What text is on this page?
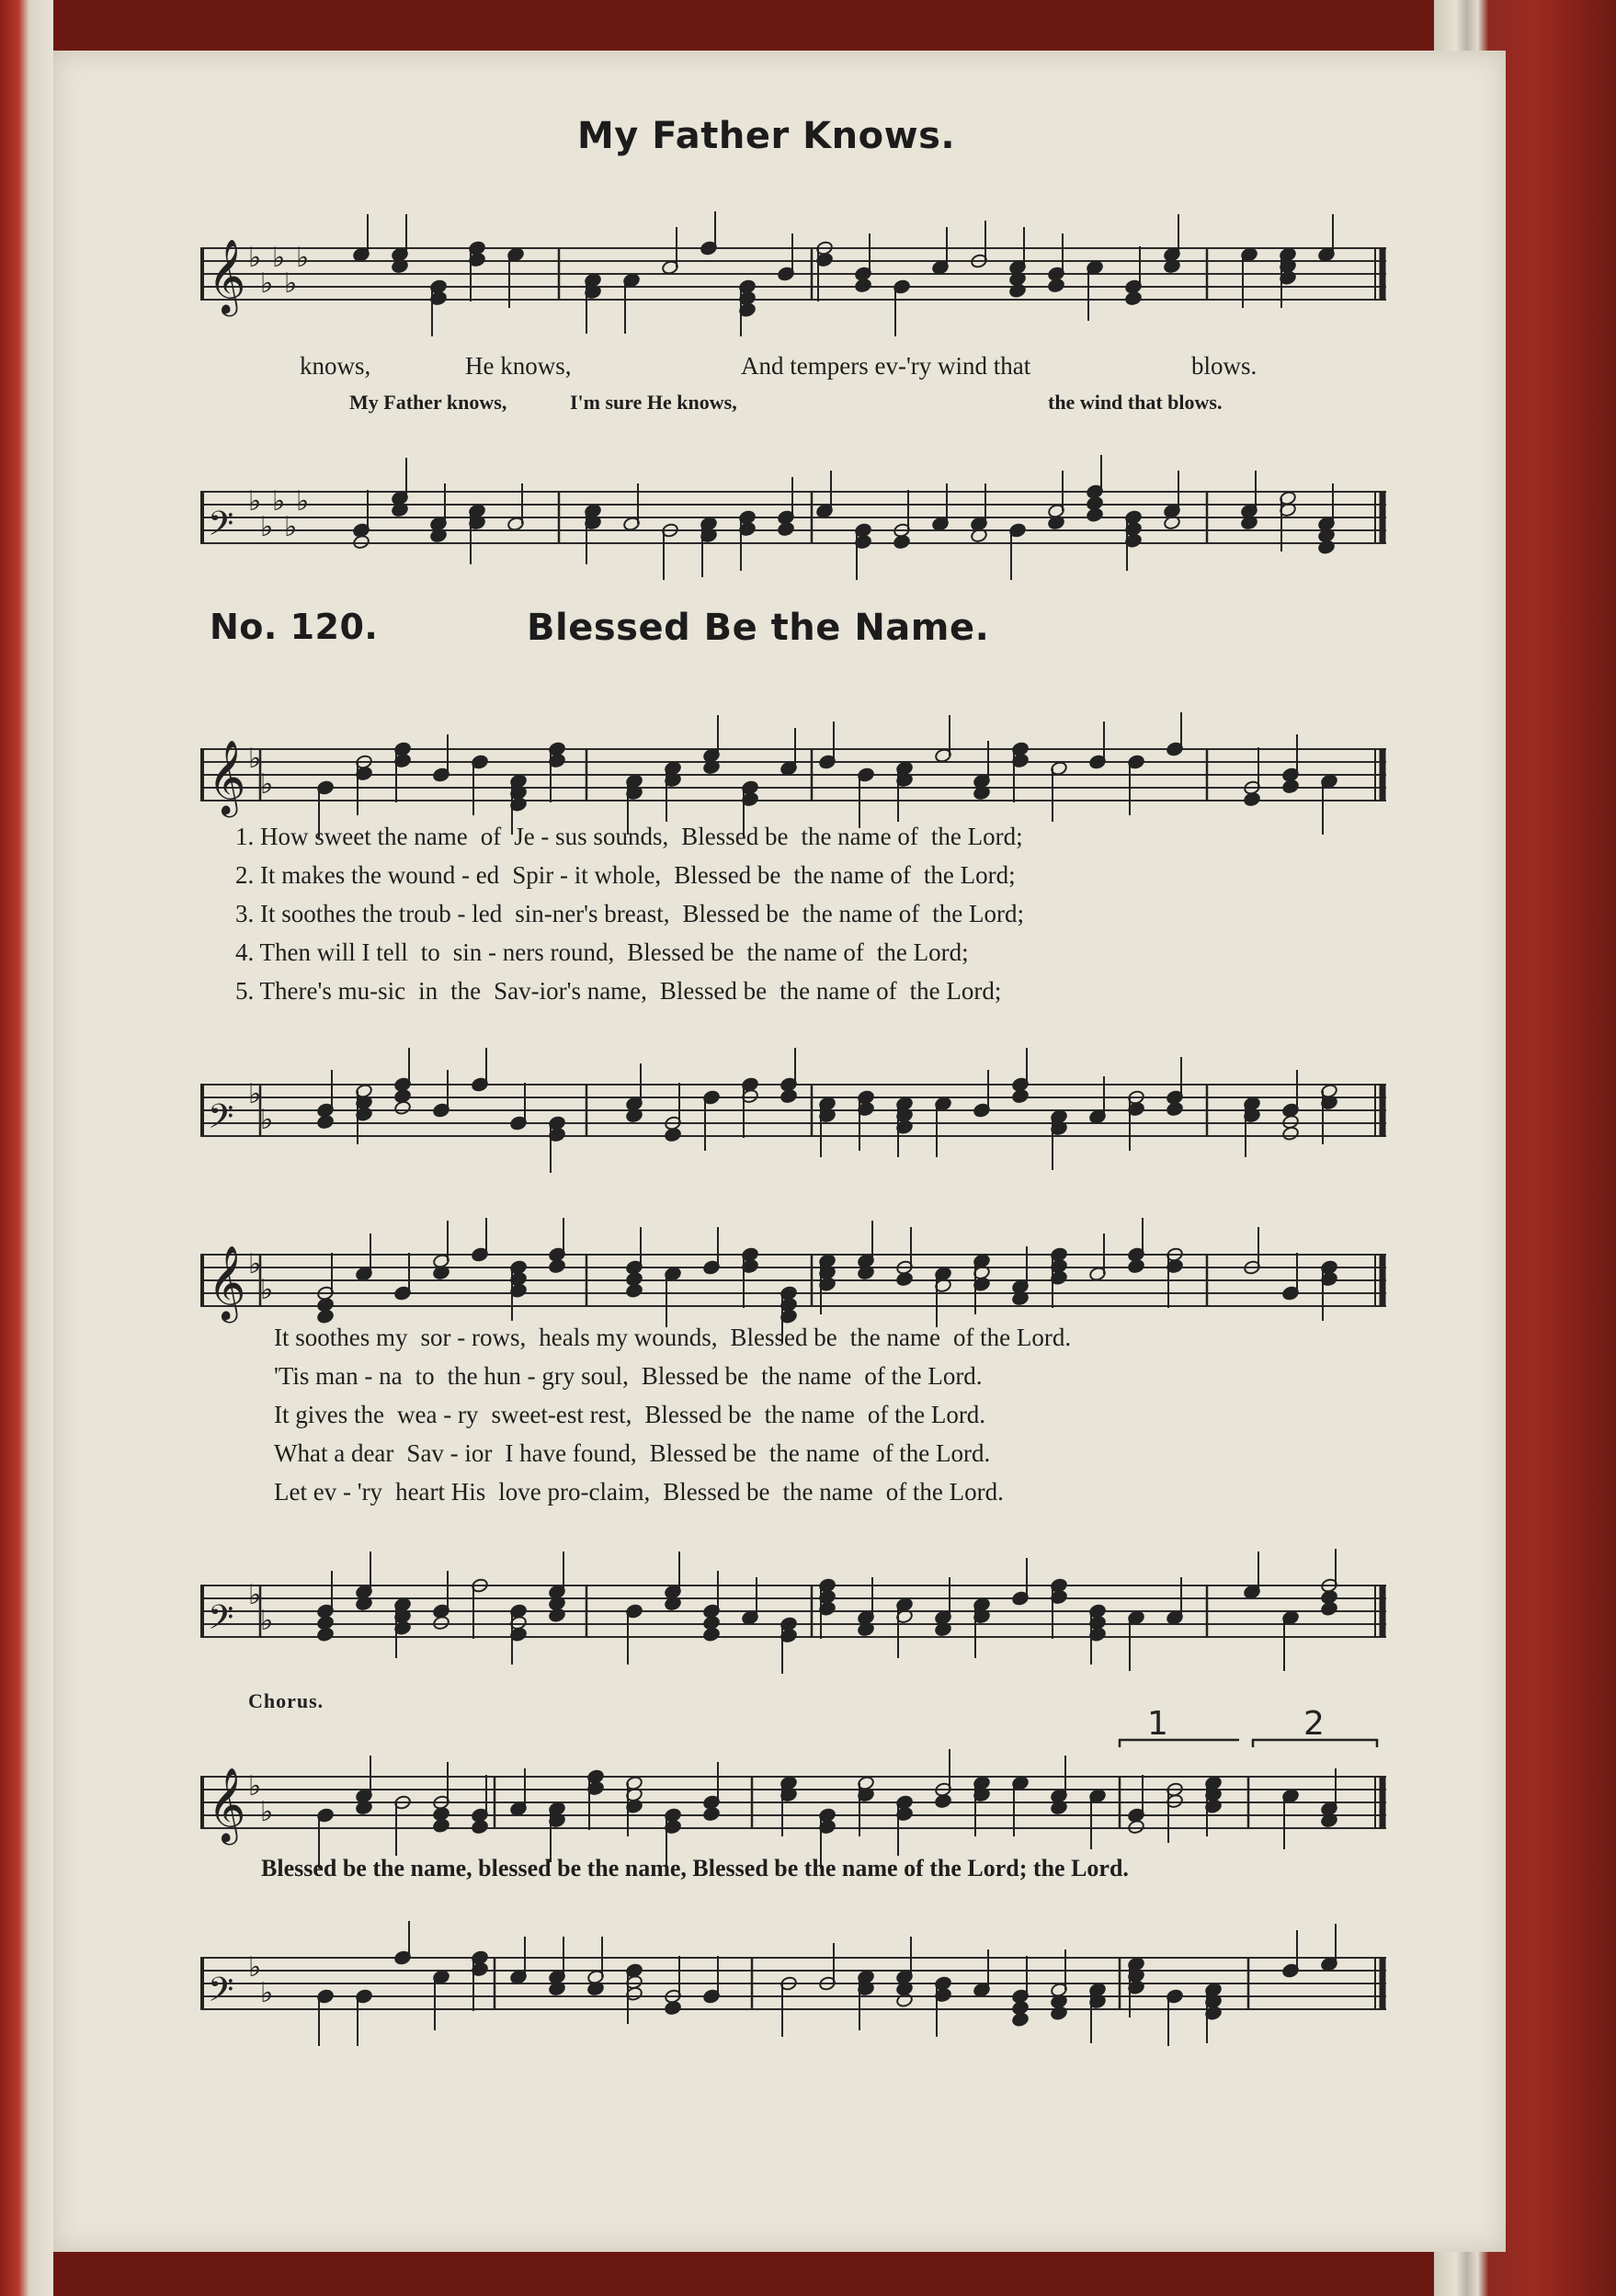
My Father Knows.
𝄞 ♭
♭
♭
♭
♭
knows,	He knows,	And tempers ev-'ry wind that	blows.
My Father knows,	I'm sure He knows,	the wind that blows.
𝄢
♭
♭
♭
♭
♭
No. 120.	Blessed Be the Name.
𝄞 ♭
♭
1. How sweet the name of Je - sus sounds, Blessed be the name of the Lord;
2. It makes the wound - ed Spir - it whole, Blessed be the name of the Lord;
3. It soothes the troub - led sin-ner's breast, Blessed be the name of the Lord;
4. Then will I tell to sin - ners round, Blessed be the name of the Lord;
5. There's mu-sic in the Sav-ior's name, Blessed be the name of the Lord;
𝄢
♭
♭
𝄞 ♭
♭
It soothes my sor - rows, heals my wounds, Blessed be the name of the Lord.
'Tis man - na to the hun - gry soul, Blessed be the name of the Lord.
It gives the wea - ry sweet-est rest, Blessed be the name of the Lord.
What a dear Sav - ior I have found, Blessed be the name of the Lord.
Let ev - 'ry heart His love pro-claim, Blessed be the name of the Lord.
𝄢
♭
♭
Chorus.
𝄞 ♭
♭
1	2
Blessed be the name, blessed be the name, Blessed be the name of the Lord; the Lord.
𝄢
♭
♭
